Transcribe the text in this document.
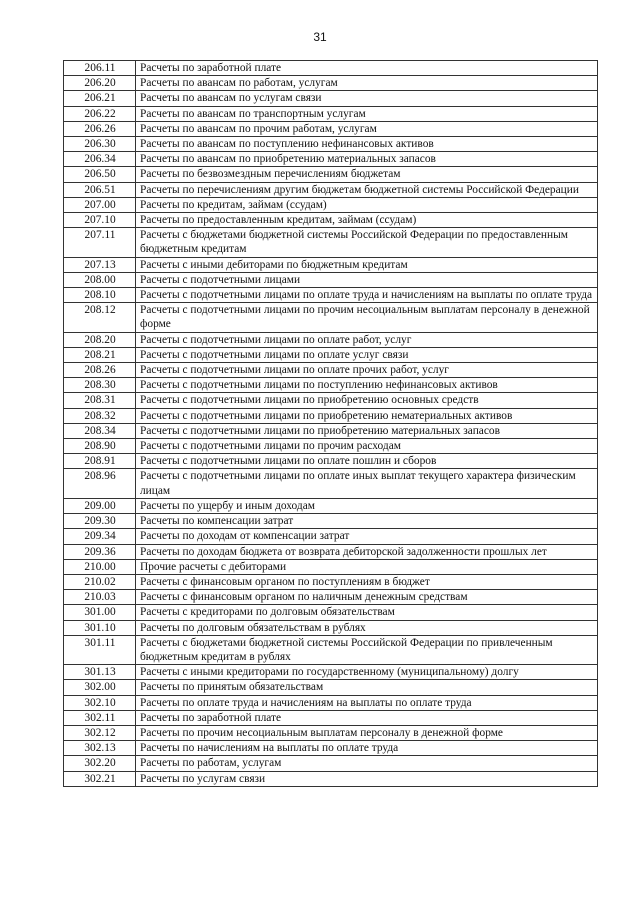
31
206.11	Расчеты по заработной плате
206.20	Расчеты по авансам по работам, услугам
206.21	Расчеты по авансам по услугам связи
206.22	Расчеты по авансам по транспортным услугам
206.26	Расчеты по авансам по прочим работам, услугам
206.30	Расчеты по авансам по поступлению нефинансовых активов
206.34	Расчеты по авансам по приобретению материальных запасов
206.50	Расчеты по безвозмездным перечислениям бюджетам
206.51	Расчеты по перечислениям другим бюджетам бюджетной системы Российской Федерации
207.00	Расчеты по кредитам, займам (ссудам)
207.10	Расчеты по предоставленным кредитам, займам (ссудам)
207.11	Расчеты с бюджетами бюджетной системы Российской Федерации по предоставленным бюджетным кредитам
207.13	Расчеты с иными дебиторами по бюджетным кредитам
208.00	Расчеты с подотчетными лицами
208.10	Расчеты с подотчетными лицами по оплате труда и начислениям на выплаты по оплате труда
208.12	Расчеты с подотчетными лицами по прочим несоциальным выплатам персоналу в денежной форме
208.20	Расчеты с подотчетными лицами по оплате работ, услуг
208.21	Расчеты с подотчетными лицами по оплате услуг связи
208.26	Расчеты с подотчетными лицами по оплате прочих работ, услуг
208.30	Расчеты с подотчетными лицами по поступлению нефинансовых активов
208.31	Расчеты с подотчетными лицами по приобретению основных средств
208.32	Расчеты с подотчетными лицами по приобретению нематериальных активов
208.34	Расчеты с подотчетными лицами по приобретению материальных запасов
208.90	Расчеты с подотчетными лицами по прочим расходам
208.91	Расчеты с подотчетными лицами по оплате пошлин и сборов
208.96	Расчеты с подотчетными лицами по оплате иных выплат текущего характера физическим лицам
209.00	Расчеты по ущербу и иным доходам
209.30	Расчеты по компенсации затрат
209.34	Расчеты по доходам от компенсации затрат
209.36	Расчеты по доходам бюджета от возврата дебиторской задолженности прошлых лет
210.00	Прочие расчеты с дебиторами
210.02	Расчеты с финансовым органом по поступлениям в бюджет
210.03	Расчеты с финансовым органом по наличным денежным средствам
301.00	Расчеты с кредиторами по долговым обязательствам
301.10	Расчеты по долговым обязательствам в рублях
301.11	Расчеты с бюджетами бюджетной системы Российской Федерации по привлеченным бюджетным кредитам в рублях
301.13	Расчеты с иными кредиторами по государственному (муниципальному) долгу
302.00	Расчеты по принятым обязательствам
302.10	Расчеты по оплате труда и начислениям на выплаты по оплате труда
302.11	Расчеты по заработной плате
302.12	Расчеты по прочим несоциальным выплатам персоналу в денежной форме
302.13	Расчеты по начислениям на выплаты по оплате труда
302.20	Расчеты по работам, услугам
302.21	Расчеты по услугам связи
